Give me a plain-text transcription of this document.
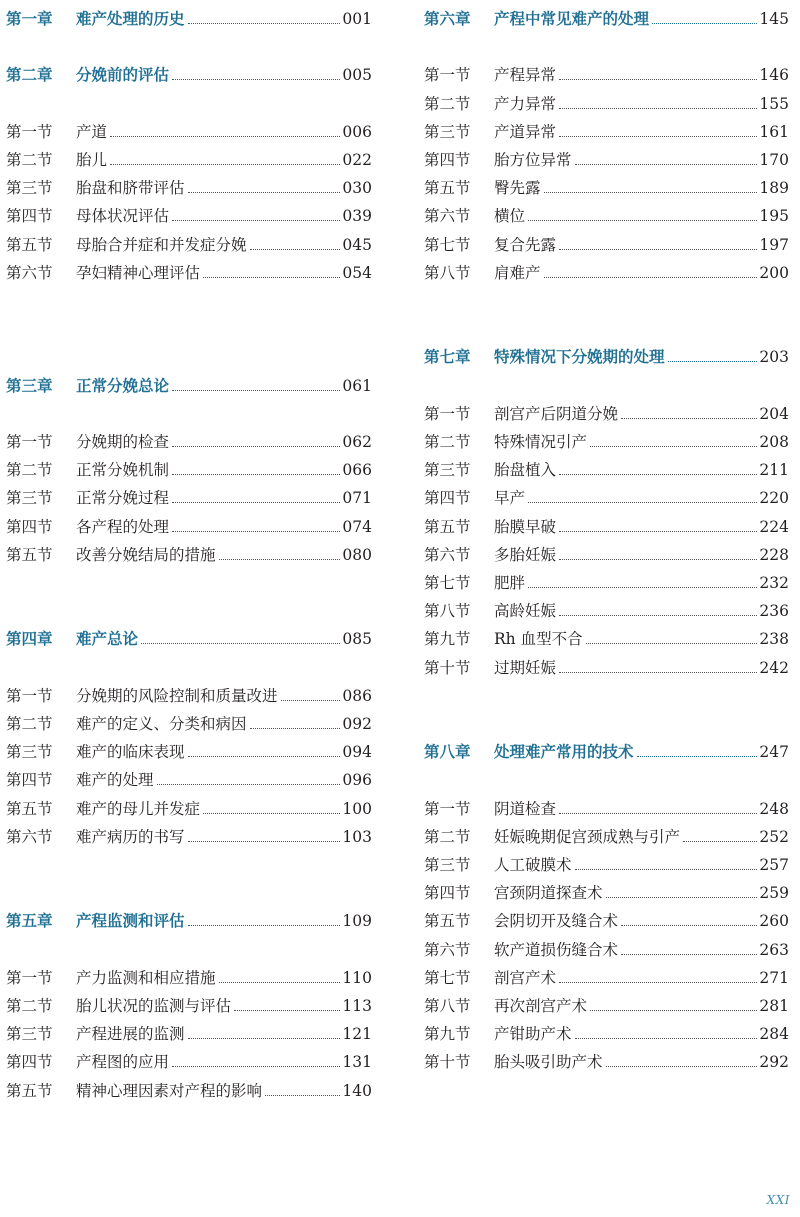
第一章	难产处理的历史	001
第二章	分娩前的评估	005
第一节	产道	006
第二节	胎儿	022
第三节	胎盘和脐带评估	030
第四节	母体状况评估	039
第五节	母胎合并症和并发症分娩	045
第六节	孕妇精神心理评估	054
第三章	正常分娩总论	061
第一节	分娩期的检查	062
第二节	正常分娩机制	066
第三节	正常分娩过程	071
第四节	各产程的处理	074
第五节	改善分娩结局的措施	080
第四章	难产总论	085
第一节	分娩期的风险控制和质量改进	086
第二节	难产的定义、分类和病因	092
第三节	难产的临床表现	094
第四节	难产的处理	096
第五节	难产的母儿并发症	100
第六节	难产病历的书写	103
第五章	产程监测和评估	109
第一节	产力监测和相应措施	110
第二节	胎儿状况的监测与评估	113
第三节	产程进展的监测	121
第四节	产程图的应用	131
第五节	精神心理因素对产程的影响	140
第六章	产程中常见难产的处理	145
第一节	产程异常	146
第二节	产力异常	155
第三节	产道异常	161
第四节	胎方位异常	170
第五节	臀先露	189
第六节	横位	195
第七节	复合先露	197
第八节	肩难产	200
第七章	特殊情况下分娩期的处理	203
第一节	剖宫产后阴道分娩	204
第二节	特殊情况引产	208
第三节	胎盘植入	211
第四节	早产	220
第五节	胎膜早破	224
第六节	多胎妊娠	228
第七节	肥胖	232
第八节	高龄妊娠	236
第九节	Rh 血型不合	238
第十节	过期妊娠	242
第八章	处理难产常用的技术	247
第一节	阴道检查	248
第二节	妊娠晚期促宫颈成熟与引产	252
第三节	人工破膜术	257
第四节	宫颈阴道探查术	259
第五节	会阴切开及缝合术	260
第六节	软产道损伤缝合术	263
第七节	剖宫产术	271
第八节	再次剖宫产术	281
第九节	产钳助产术	284
第十节	胎头吸引助产术	292
XXI
